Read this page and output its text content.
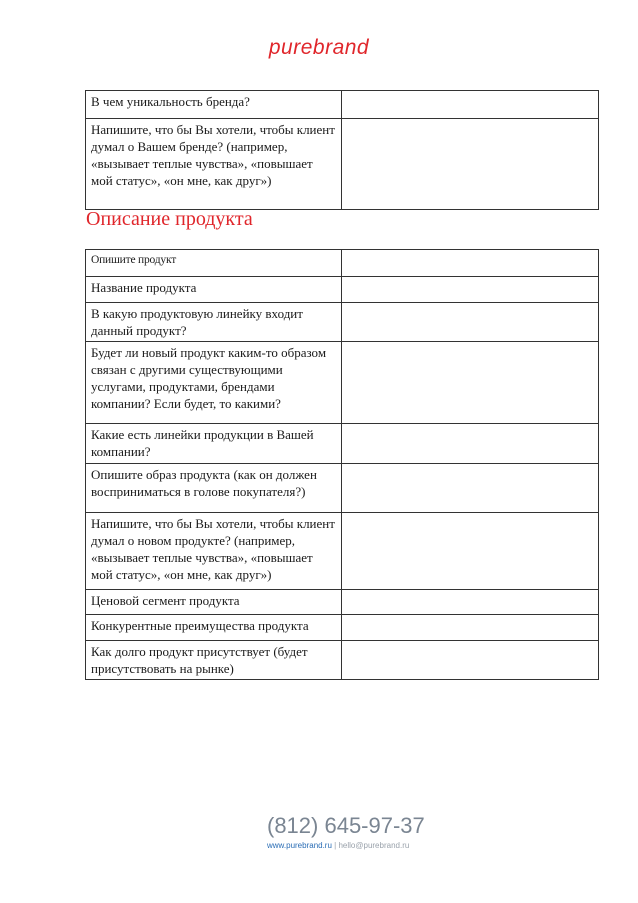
purebrand
В чем уникальность бренда?	
Напишите, что бы Вы хотели, чтобы клиент думал о Вашем бренде? (например, «вызывает теплые чувства», «повышает мой статус», «он мне, как друг»)	
Описание продукта
Опишите продукт	
Название продукта	
В какую продуктовую линейку входит данный продукт?	
Будет ли новый продукт каким-то образом связан с другими существующими услугами, продуктами, брендами компании? Если будет, то какими?	
Какие есть линейки продукции в Вашей компании?	
Опишите образ продукта (как он должен восприниматься в голове покупателя?)	
Напишите, что бы Вы хотели, чтобы клиент думал о новом продукте? (например, «вызывает теплые чувства», «повышает мой статус», «он мне, как друг»)	
Ценовой сегмент продукта	
Конкурентные преимущества продукта	
Как долго продукт присутствует (будет присутствовать на рынке)	
(812) 645-97-37
www.purebrand.ru | hello@purebrand.ru
